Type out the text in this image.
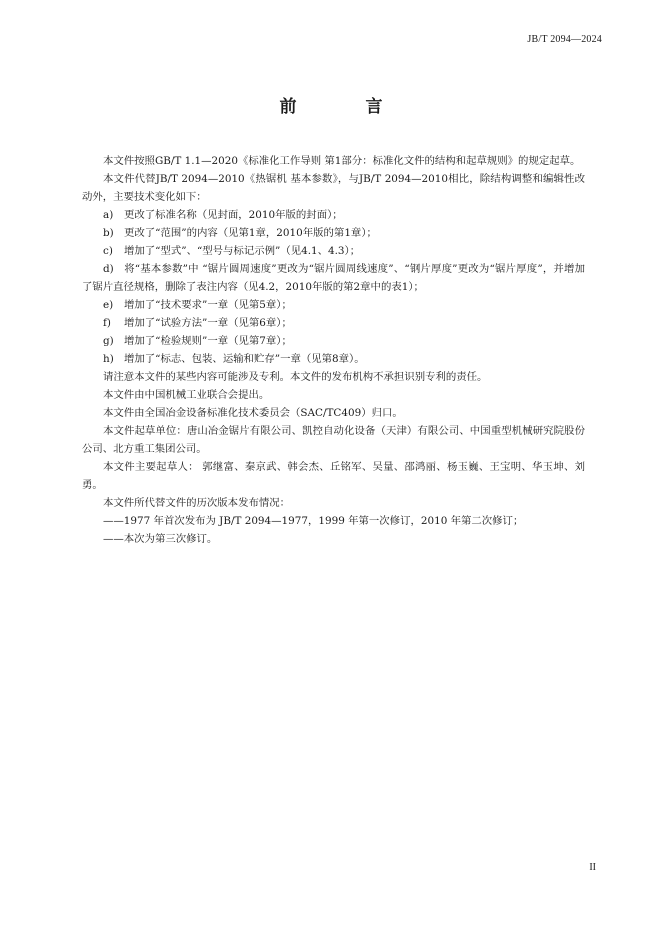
JB/T 2094—2024
前　言

本文件按照GB/T 1.1—2020《标准化工作导则 第1部分：标准化文件的结构和起草规则》的规定起草。

本文件代替JB/T 2094—2010《热锯机 基本参数》，与JB/T 2094—2010相比，除结构调整和编辑性改动外，主要技术变化如下：

a) 更改了标准名称（见封面，2010年版的封面）；

b) 更改了“范围”的内容（见第1章，2010年版的第1章）；

c) 增加了“型式”、“型号与标记示例”（见4.1、4.3）；

d) 将“基本参数”中 “锯片圆周速度”更改为“锯片圆周线速度”、“钢片厚度”更改为“锯片厚度”，并增加了锯片直径规格，删除了表注内容（见4.2，2010年版的第2章中的表1）；

e) 增加了“技术要求”一章（见第5章）；

f) 增加了“试验方法”一章（见第6章）；

g) 增加了“检验规则”一章（见第7章）；

h) 增加了“标志、包装、运输和贮存”一章（见第8章）。

请注意本文件的某些内容可能涉及专利。本文件的发布机构不承担识别专利的责任。

本文件由中国机械工业联合会提出。

本文件由全国冶金设备标准化技术委员会（SAC/TC409）归口。

本文件起草单位：唐山冶金锯片有限公司、凯控自动化设备（天津）有限公司、中国重型机械研究院股份公司、北方重工集团公司。

本文件主要起草人： 郭继富、秦京武、韩会杰、丘铭军、吴量、邵鸿丽、杨玉巍、王宝明、华玉坤、刘勇。

本文件所代替文件的历次版本发布情况：

——1977 年首次发布为 JB/T 2094—1977，1999 年第一次修订，2010 年第二次修订；

——本次为第三次修订。

II
